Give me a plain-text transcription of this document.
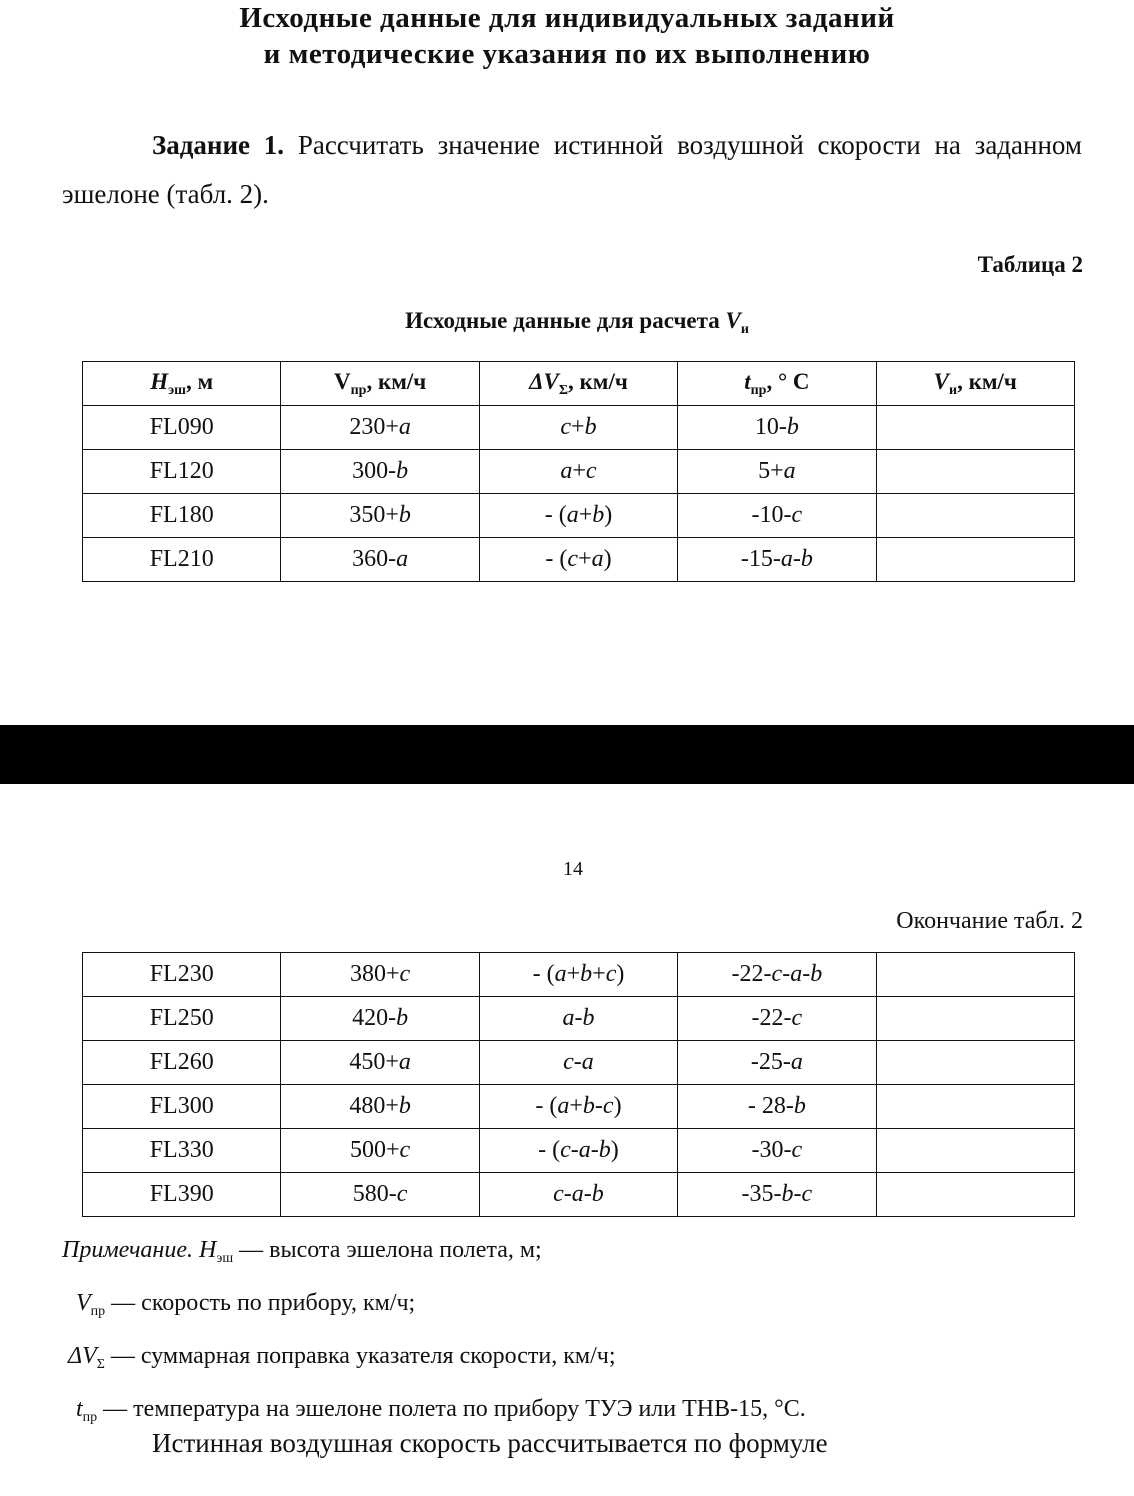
Исходные данные для индивидуальных заданий
и методические указания по их выполнению
Задание 1. Рассчитать значение истинной воздушной скорости на заданном эшелоне (табл. 2).
Таблица 2
Исходные данные для расчета $V_и$
$H_{эш}$, м	$V_{пр}$, км/ч	$\Delta V_\Sigma$, км/ч	$t_{пр}$, ° С	$V_и$, км/ч
FL090	230+a	c+b	10-b	
FL120	300-b	a+c	5+a	
FL180	350+b	- (a+b)	-10-c	
FL210	360-a	- (c+a)	-15-a-b	
14
Окончание табл. 2
FL230	380+c	- (a+b+c)	-22-c-a-b	
FL250	420-b	a-b	-22-c	
FL260	450+a	c-a	-25-a	
FL300	480+b	- (a+b-c)	- 28-b	
FL330	500+c	- (c-a-b)	-30-c	
FL390	580-c	c-a-b	-35-b-c	
Примечание. $H_{эш}$ — высота эшелона полета, м;
$V_{пр}$ — скорость по прибору, км/ч;
$\Delta V_\Sigma$ — суммарная поправка указателя скорости, км/ч;
$t_{пр}$ — температура на эшелоне полета по прибору ТУЭ или ТНВ-15, °С.
Истинная воздушная скорость рассчитывается по формуле
